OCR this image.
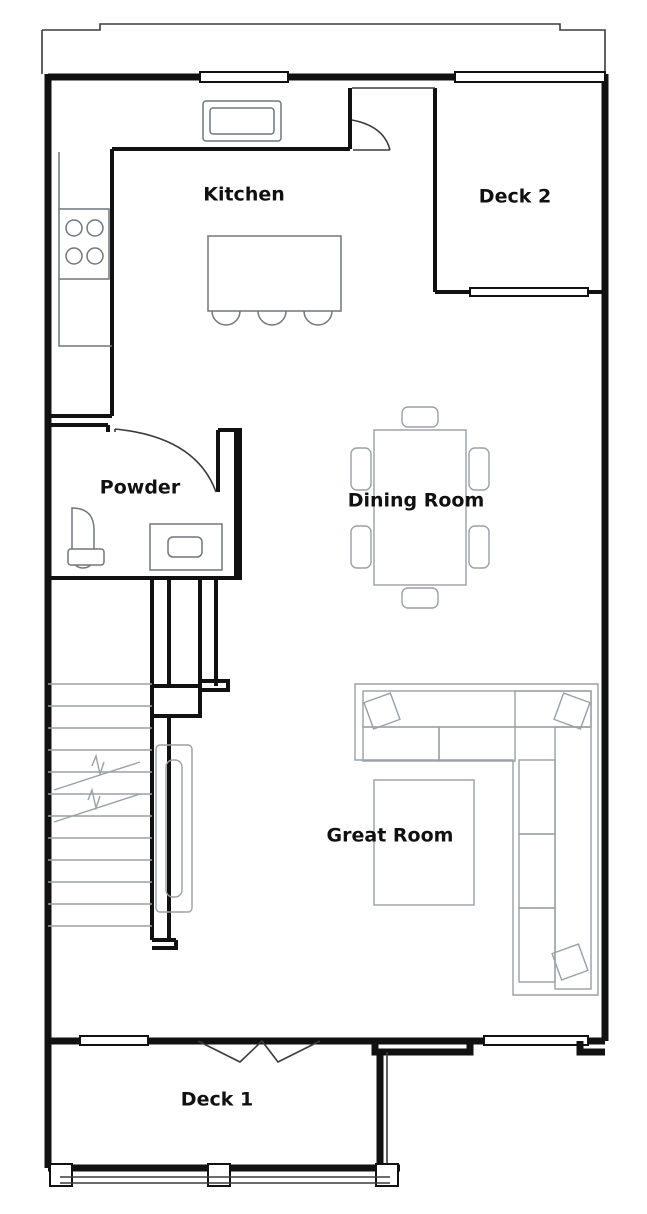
Kitchen	Deck 2
Powder
Dining Room
Great Room
Deck 1
